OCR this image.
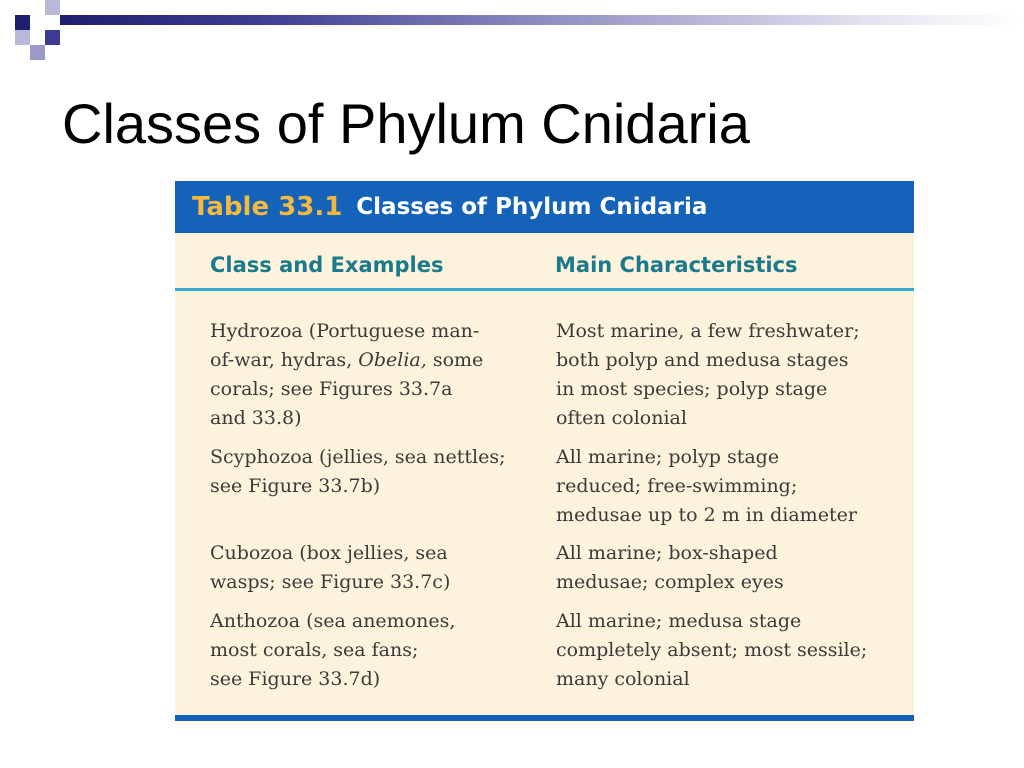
Classes of Phylum Cnidaria
Table 33.1 Classes of Phylum Cnidaria
Class and Examples	Main Characteristics
Hydrozoa (Portuguese man-
of-war, hydras, Obelia, some
corals; see Figures 33.7a
and 33.8)
Most marine, a few freshwater;
both polyp and medusa stages
in most species; polyp stage
often colonial
Scyphozoa (jellies, sea nettles;
see Figure 33.7b)
All marine; polyp stage
reduced; free-swimming;
medusae up to 2 m in diameter
Cubozoa (box jellies, sea
wasps; see Figure 33.7c)
All marine; box-shaped
medusae; complex eyes
Anthozoa (sea anemones,
most corals, sea fans;
see Figure 33.7d)
All marine; medusa stage
completely absent; most sessile;
many colonial
